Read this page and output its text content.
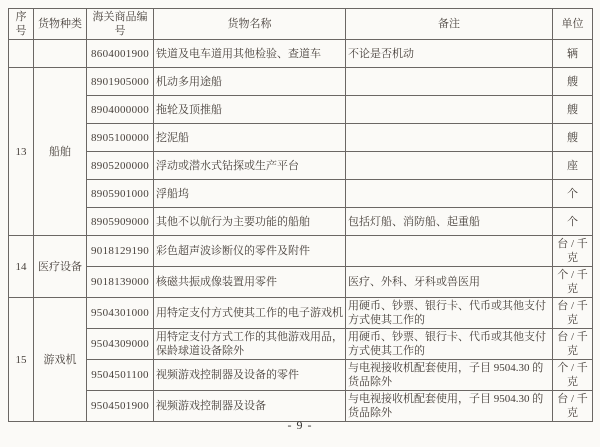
序号	货物种类	海关商品编号	货物名称	备注	单位
		8604001900	铁道及电车道用其他检验、查道车	不论是否机动	辆
13	船舶	8901905000	机动多用途船		艘
		8904000000	拖轮及顶推船		艘
		8905100000	挖泥船		艘
		8905200000	浮动或潜水式钻探或生产平台		座
		8905901000	浮船坞		个
		8905909000	其他不以航行为主要功能的船舶	包括灯船、消防船、起重船	个
14	医疗设备	9018129190	彩色超声波诊断仪的零件及附件		台 / 千克
		9018139000	核磁共振成像装置用零件	医疗、外科、牙科或兽医用	个 / 千克
15	游戏机	9504301000	用特定支付方式使其工作的电子游戏机	用硬币、钞票、银行卡、代币或其他支付方式使其工作的	台 / 千克
		9504309000	用特定支付方式工作的其他游戏用品，保龄球道设备除外	用硬币、钞票、银行卡、代币或其他支付方式使其工作的	台 / 千克
		9504501100	视频游戏控制器及设备的零件	与电视接收机配套使用，子目 9504.30 的货品除外	个 / 千克
		9504501900	视频游戏控制器及设备	与电视接收机配套使用，子目 9504.30 的货品除外	台 / 千克
- 9 -
